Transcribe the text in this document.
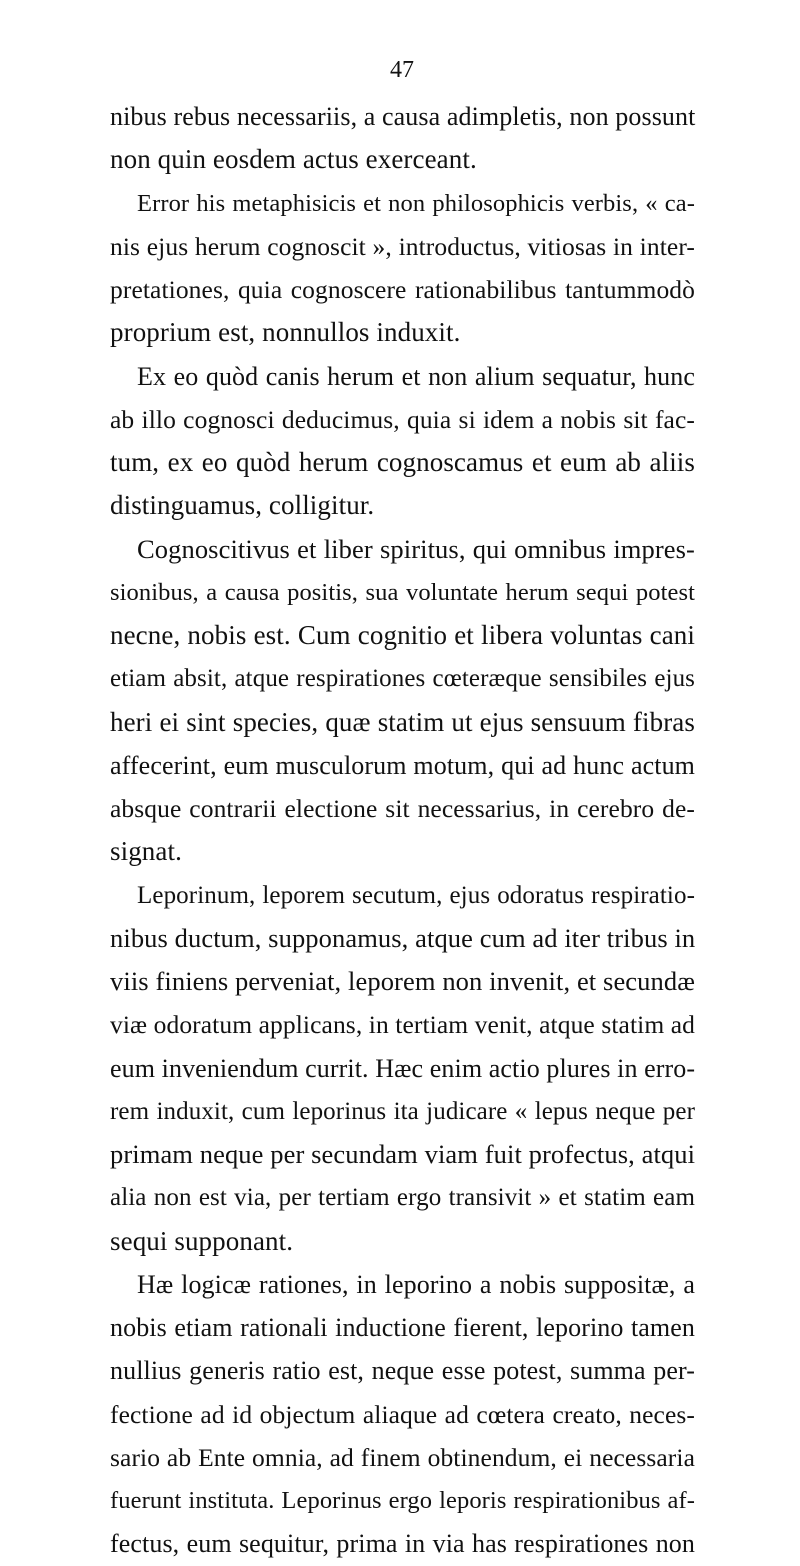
47
nibus rebus necessariis, a causa adimpletis, non possunt
non quin eosdem actus exerceant.
Error his metaphisicis et non philosophicis verbis, « ca-
nis ejus herum cognoscit », introductus, vitiosas in inter-
pretationes, quia cognoscere rationabilibus tantummodò
proprium est, nonnullos induxit.
Ex eo quòd canis herum et non alium sequatur, hunc
ab illo cognosci deducimus, quia si idem a nobis sit fac-
tum, ex eo quòd herum cognoscamus et eum ab aliis
distinguamus, colligitur.
Cognoscitivus et liber spiritus, qui omnibus impres-
sionibus, a causa positis, sua voluntate herum sequi potest
necne, nobis est. Cum cognitio et libera voluntas cani
etiam absit, atque respirationes cœteræque sensibiles ejus
heri ei sint species, quæ statim ut ejus sensuum fibras
affecerint, eum musculorum motum, qui ad hunc actum
absque contrarii electione sit necessarius, in cerebro de-
signat.
Leporinum, leporem secutum, ejus odoratus respiratio-
nibus ductum, supponamus, atque cum ad iter tribus in
viis finiens perveniat, leporem non invenit, et secundæ
viæ odoratum applicans, in tertiam venit, atque statim ad
eum inveniendum currit. Hæc enim actio plures in erro-
rem induxit, cum leporinus ita judicare « lepus neque per
primam neque per secundam viam fuit profectus, atqui
alia non est via, per tertiam ergo transivit » et statim eam
sequi supponant.
Hæ logicæ rationes, in leporino a nobis suppositæ, a
nobis etiam rationali inductione fierent, leporino tamen
nullius generis ratio est, neque esse potest, summa per-
fectione ad id objectum aliaque ad cœtera creato, neces-
sario ab Ente omnia, ad finem obtinendum, ei necessaria
fuerunt instituta. Leporinus ergo leporis respirationibus af-
fectus, eum sequitur, prima in via has respirationes non
